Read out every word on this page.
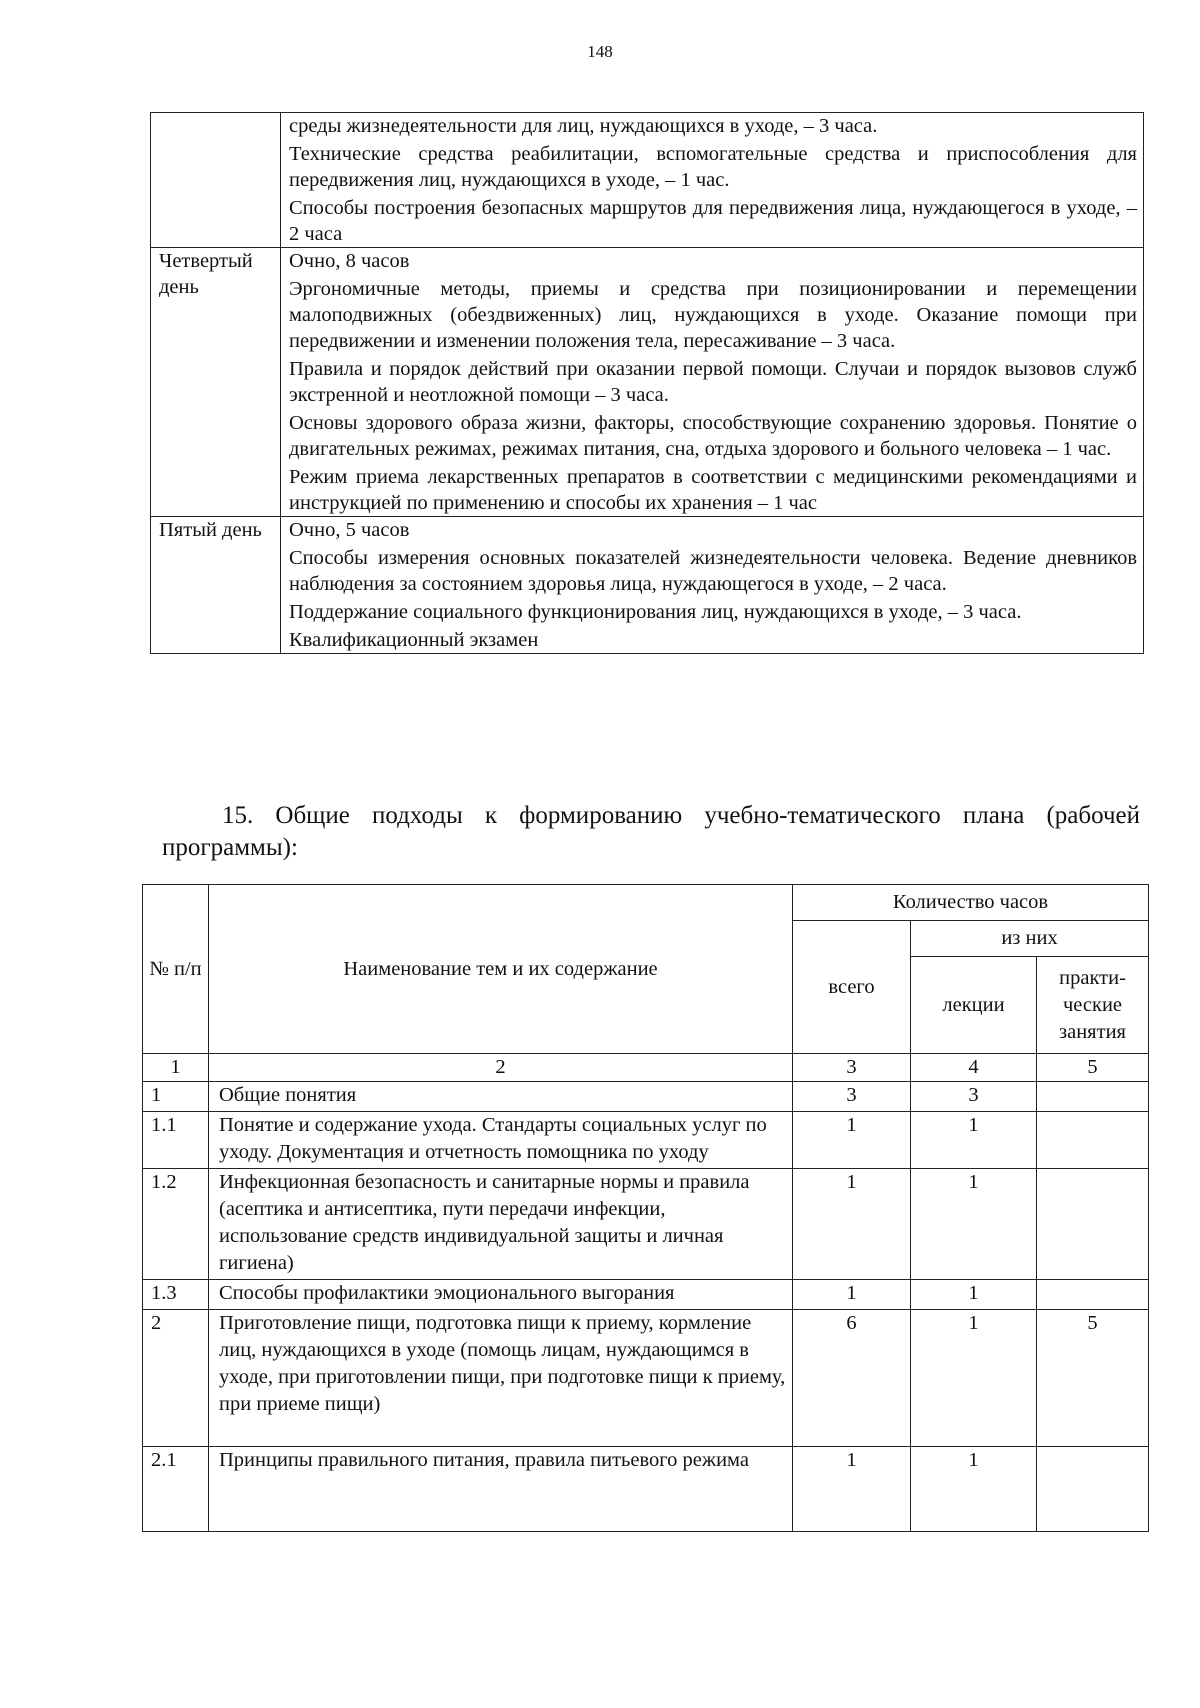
148

	среды жизнедеятельности для лиц, нуждающихся в уходе, – 3 часа.

Технические средства реабилитации, вспомогательные средства и приспособления для передвижения лиц, нуждающихся в уходе, – 1 час.

Способы построения безопасных маршрутов для передвижения лица, нуждающегося в уходе, – 2 часа

Четвертый день	Очно, 8 часов

Эргономичные методы, приемы и средства при позиционировании и перемещении малоподвижных (обездвиженных) лиц, нуждающихся в уходе. Оказание помощи при передвижении и изменении положения тела, пересаживание – 3 часа.

Правила и порядок действий при оказании первой помощи. Случаи и порядок вызовов служб экстренной и неотложной помощи – 3 часа.

Основы здорового образа жизни, факторы, способствующие сохранению здоровья. Понятие о двигательных режимах, режимах питания, сна, отдыха здорового и больного человека – 1 час.

Режим приема лекарственных препаратов в соответствии с медицинскими рекомендациями и инструкцией по применению и способы их хранения – 1 час

Пятый день	Очно, 5 часов

Способы измерения основных показателей жизнедеятельности человека. Ведение дневников наблюдения за состоянием здоровья лица, нуждающегося в уходе, – 2 часа.

Поддержание социального функционирования лиц, нуждающихся в уходе, – 3 часа.

Квалификационный экзамен

15. Общие подходы к формированию учебно-тематического плана (рабочей программы):

№ п/п	Наименование тем и их содержание	Количество часов		
		всего	из них	
			лекции	практи-ческие занятия
1	2	3	4	5
1	Общие понятия	3	3	
1.1	Понятие и содержание ухода. Стандарты социальных услуг по уходу. Документация и отчетность помощника по уходу	1	1	
1.2	Инфекционная безопасность и санитарные нормы и правила (асептика и антисептика, пути передачи инфекции, использование средств индивидуальной защиты и личная гигиена)	1	1	
1.3	Способы профилактики эмоционального выгорания	1	1	
2	Приготовление пищи, подготовка пищи к приему, кормление лиц, нуждающихся в уходе (помощь лицам, нуждающимся в уходе, при приготовлении пищи, при подготовке пищи к приему, при приеме пищи)	6	1	5
2.1	Принципы правильного питания, правила питьевого режима	1	1	
